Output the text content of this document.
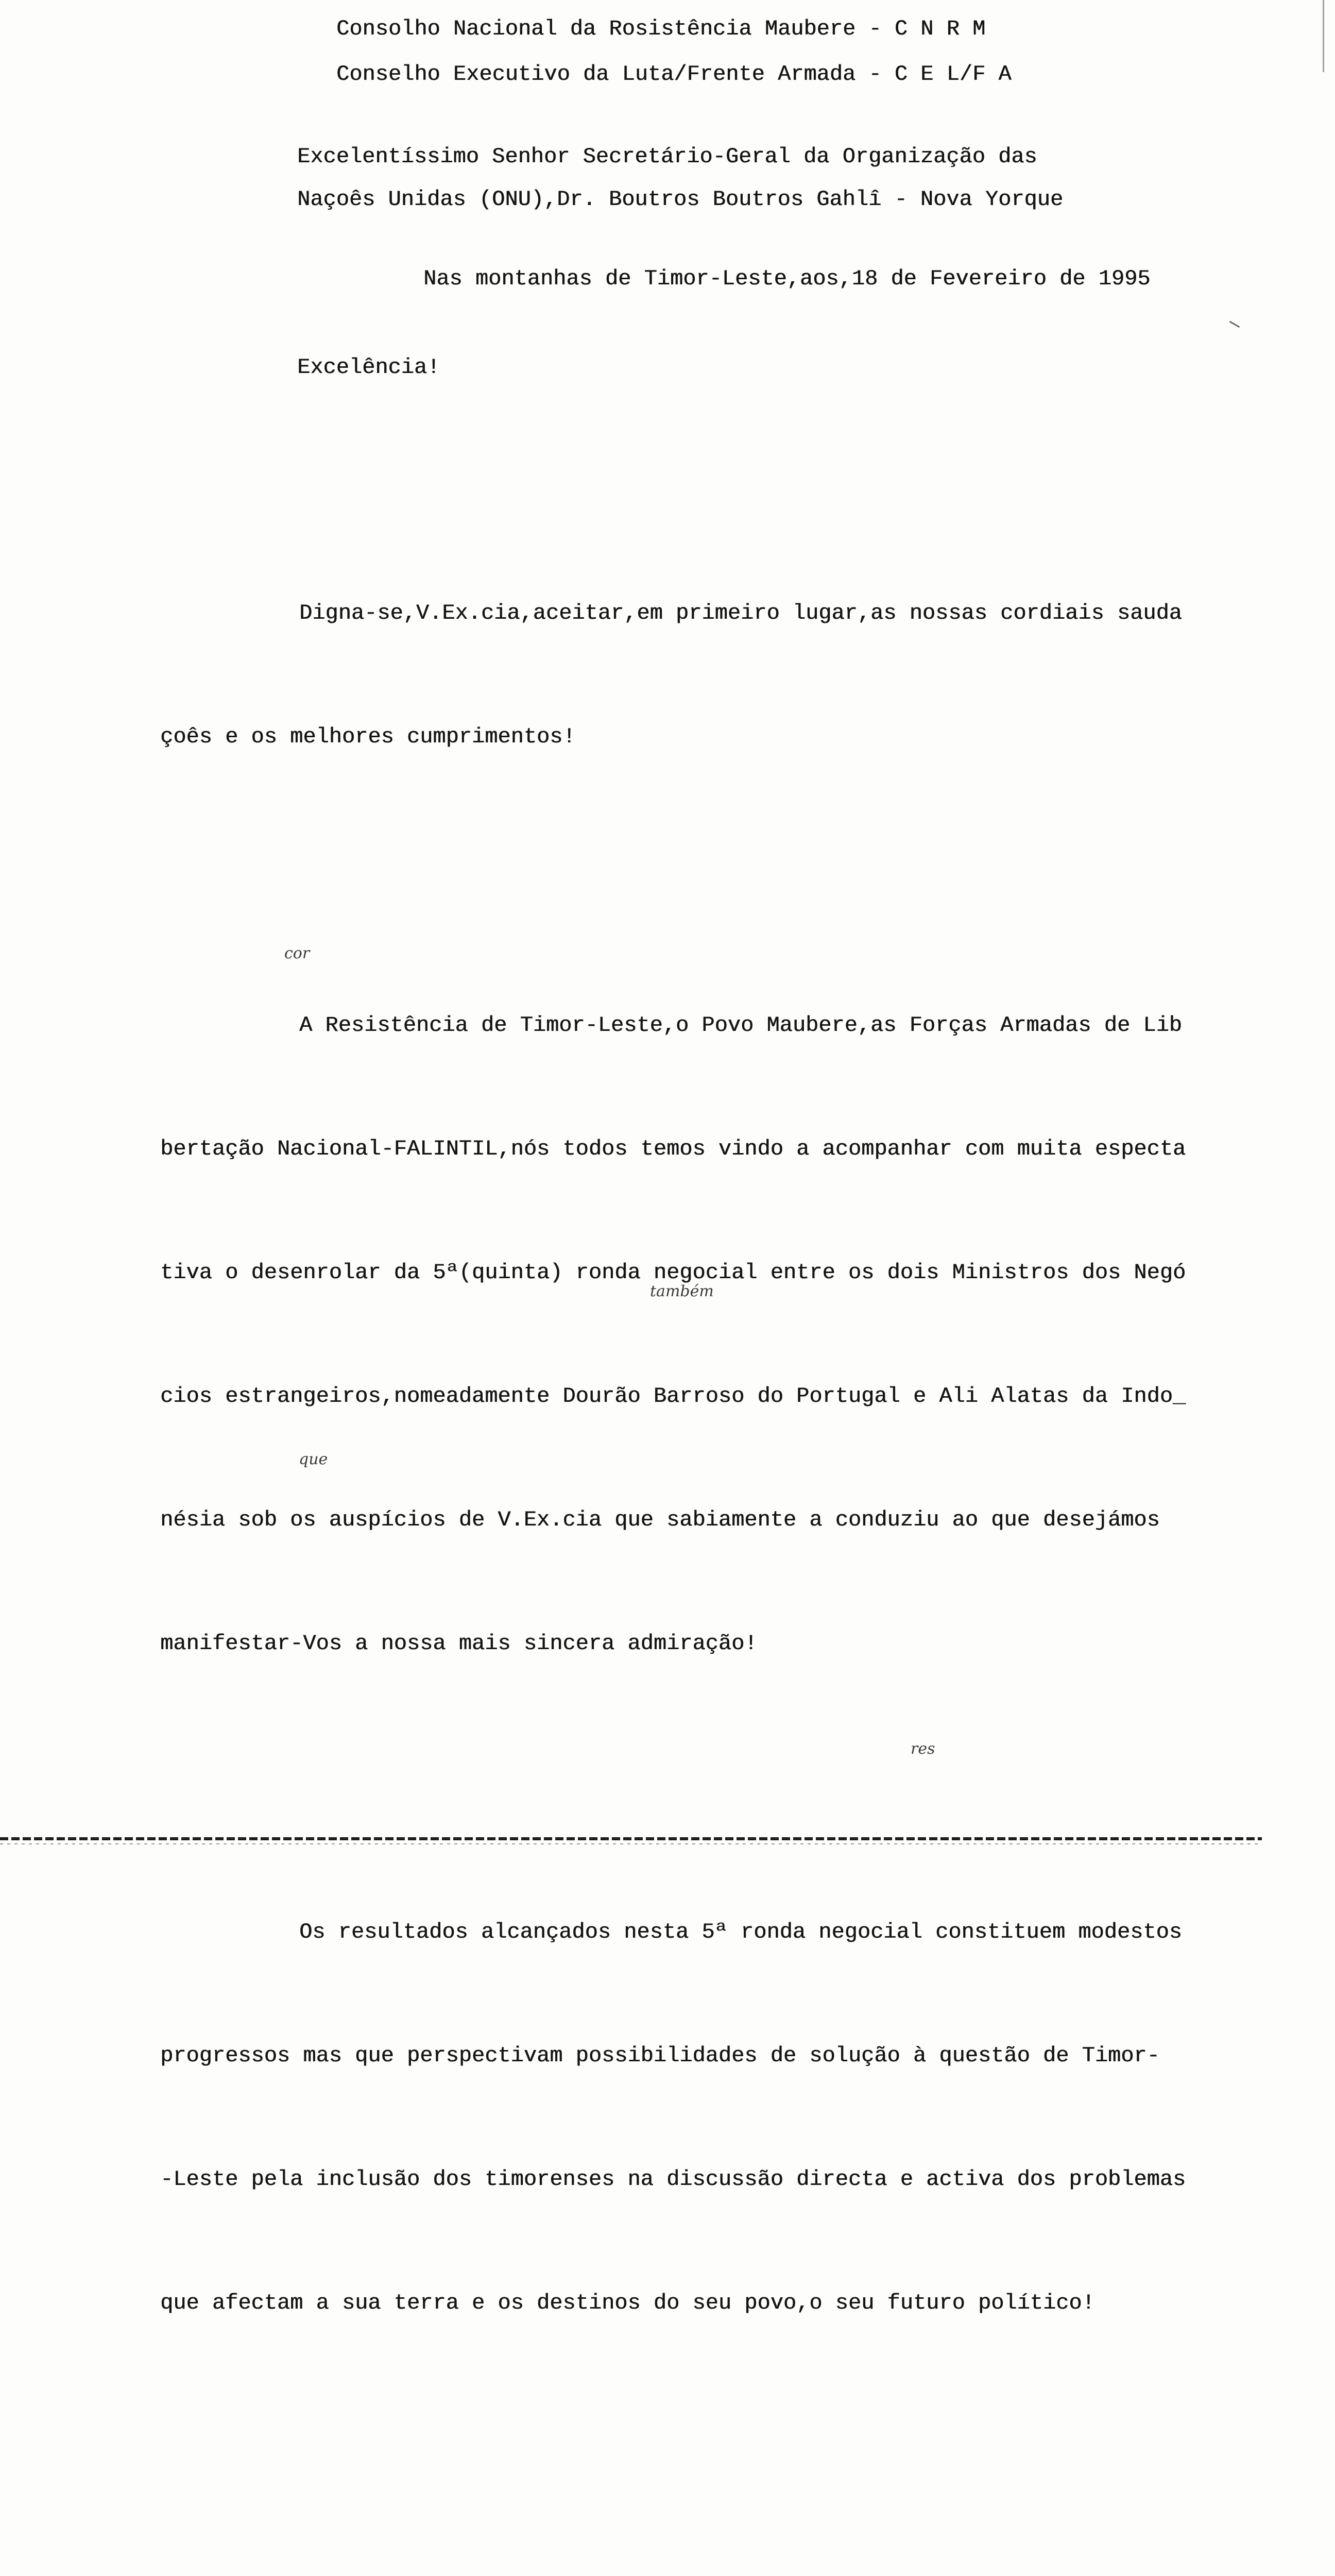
Consolho Nacional da Rosistência Maubere - C N R M
Conselho Executivo da Luta/Frente Armada - C E L/F A
Excelentíssimo Senhor Secretário-Geral da Organização das
Naçoês Unidas (ONU),Dr. Boutros Boutros Gahlî - Nova Yorque
Nas montanhas de Timor-Leste,aos,18 de Fevereiro de 1995
Excelência!

Digna-se,V.Ex.cia,aceitar,em primeiro lugar,as nossas cordiais sauda

çoês e os melhores cumprimentos!

A Resistência de Timor-Leste,o Povo Maubere,as Forças Armadas de Lib

bertação Nacional-FALINTIL,nós todos temos vindo a acompanhar com muita especta

tiva o desenrolar da 5ª(quinta) ronda negocial entre os dois Ministros dos Negó

cios estrangeiros,nomeadamente Dourão Barroso do Portugal e Ali Alatas da Indo_

nésia sob os auspícios de V.Ex.cia que sabiamente a conduziu ao que desejámos

manifestar-Vos a nossa mais sincera admiração!

Os resultados alcançados nesta 5ª ronda negocial constituem modestos

progressos mas que perspectivam possibilidades de solução à questão de Timor-

-Leste pela inclusão dos timorenses na discussão directa e activa dos problemas

que afectam a sua terra e os destinos do seu povo,o seu futuro político!

cor
também
que
res
